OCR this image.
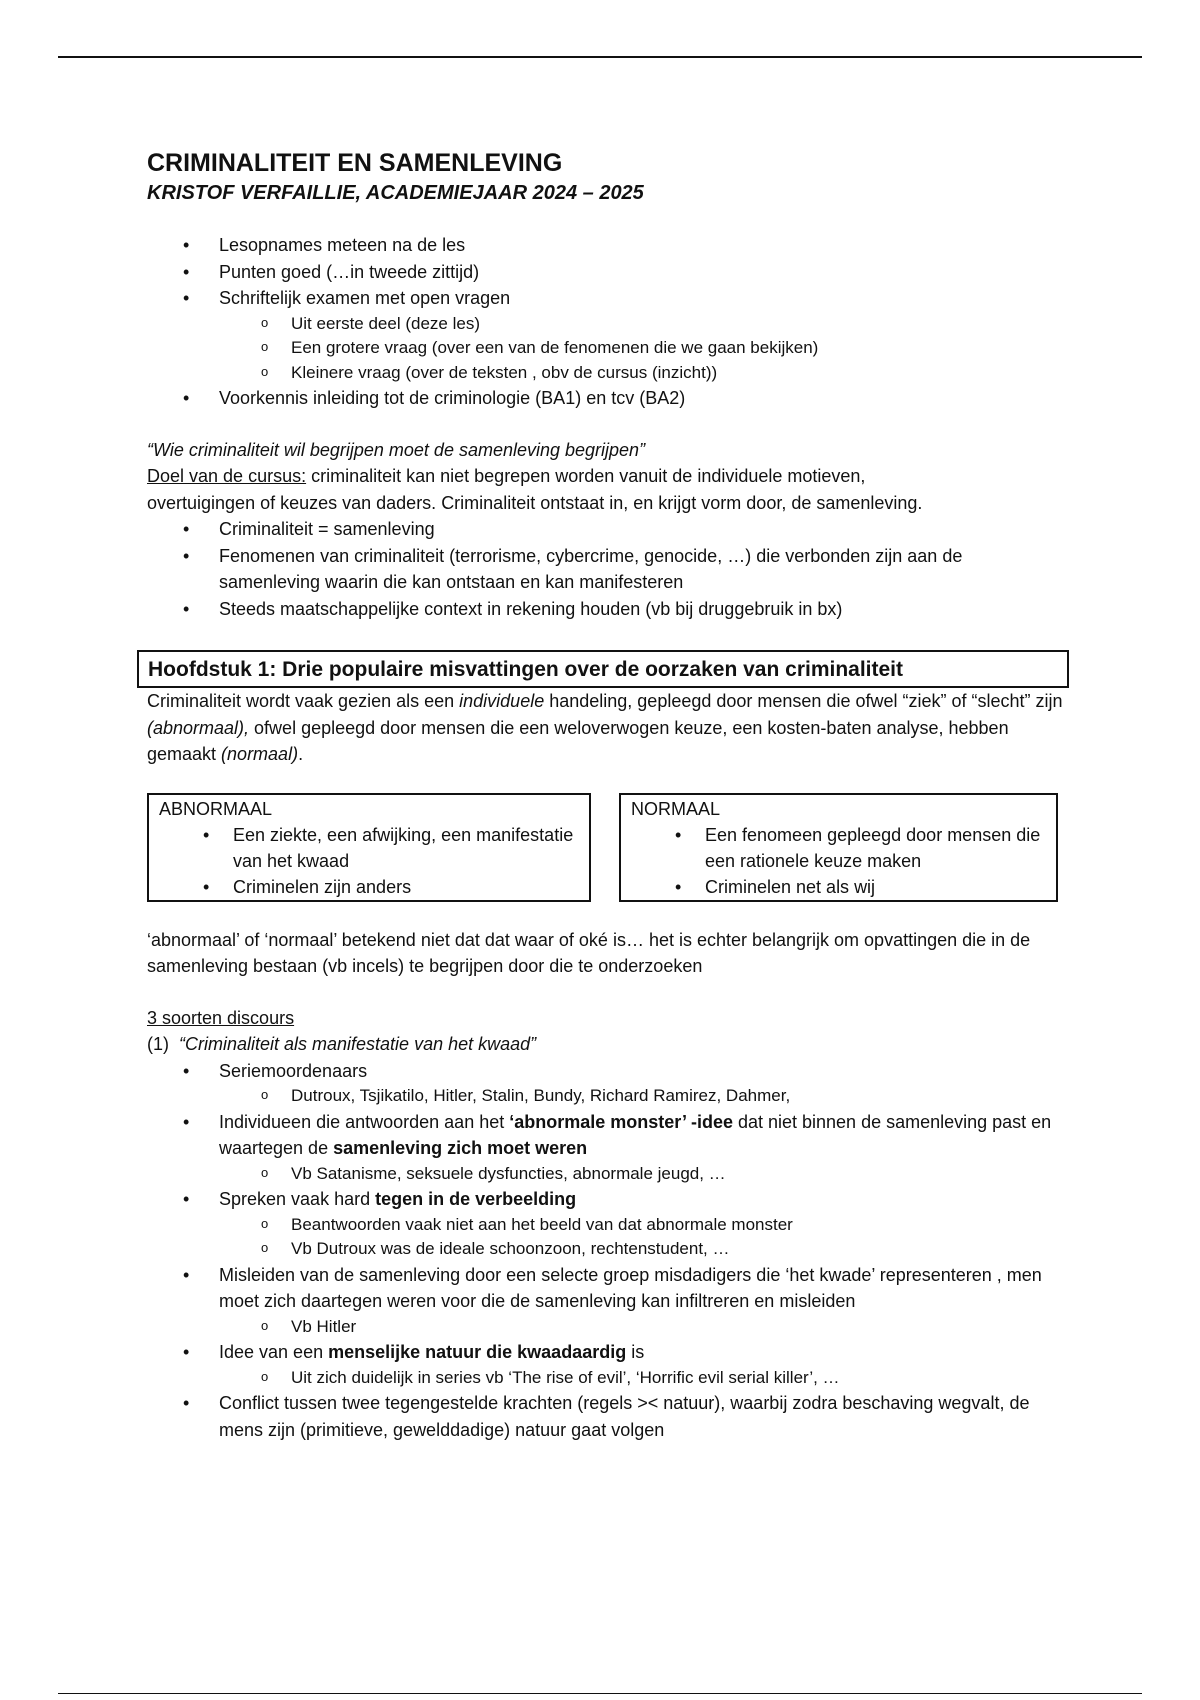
CRIMINALITEIT EN SAMENLEVING
KRISTOF VERFAILLIE, ACADEMIEJAAR 2024 – 2025
• Lesopnames meteen na de les
• Punten goed (…in tweede zittijd)
• Schriftelijk examen met open vragen
o Uit eerste deel (deze les)
o Een grotere vraag (over een van de fenomenen die we gaan bekijken)
o Kleinere vraag (over de teksten , obv de cursus (inzicht))
• Voorkennis inleiding tot de criminologie (BA1) en tcv (BA2)
“Wie criminaliteit wil begrijpen moet de samenleving begrijpen”
Doel van de cursus: criminaliteit kan niet begrepen worden vanuit de individuele motieven,
overtuigingen of keuzes van daders. Criminaliteit ontstaat in, en krijgt vorm door, de samenleving.
• Criminaliteit = samenleving
• Fenomenen van criminaliteit (terrorisme, cybercrime, genocide, …) die verbonden zijn aan de samenleving waarin die kan ontstaan en kan manifesteren
• Steeds maatschappelijke context in rekening houden (vb bij druggebruik in bx)
Hoofdstuk 1: Drie populaire misvattingen over de oorzaken van criminaliteit
Criminaliteit wordt vaak gezien als een individuele handeling, gepleegd door mensen die ofwel “ziek” of “slecht” zijn (abnormaal), ofwel gepleegd door mensen die een weloverwogen keuze, een kosten-baten analyse, hebben gemaakt (normaal).
ABNORMAAL
• Een ziekte, een afwijking, een manifestatie van het kwaad
• Criminelen zijn anders
NORMAAL
• Een fenomeen gepleegd door mensen die een rationele keuze maken
• Criminelen net als wij
‘abnormaal’ of ‘normaal’ betekend niet dat dat waar of oké is… het is echter belangrijk om opvattingen die in de samenleving bestaan (vb incels) te begrijpen door die te onderzoeken
3 soorten discours
(1) “Criminaliteit als manifestatie van het kwaad”
• Seriemoordenaars
o Dutroux, Tsjikatilo, Hitler, Stalin, Bundy, Richard Ramirez, Dahmer,
• Individueen die antwoorden aan het ‘abnormale monster’ -idee dat niet binnen de samenleving past en waartegen de samenleving zich moet weren
o Vb Satanisme, seksuele dysfuncties, abnormale jeugd, …
• Spreken vaak hard tegen in de verbeelding
o Beantwoorden vaak niet aan het beeld van dat abnormale monster
o Vb Dutroux was de ideale schoonzoon, rechtenstudent, …
• Misleiden van de samenleving door een selecte groep misdadigers die ‘het kwade’ representeren , men moet zich daartegen weren voor die de samenleving kan infiltreren en misleiden
o Vb Hitler
• Idee van een menselijke natuur die kwaadaardig is
o Uit zich duidelijk in series vb ‘The rise of evil’, ‘Horrific evil serial killer’, …
• Conflict tussen twee tegengestelde krachten (regels >< natuur), waarbij zodra beschaving wegvalt, de mens zijn (primitieve, gewelddadige) natuur gaat volgen
